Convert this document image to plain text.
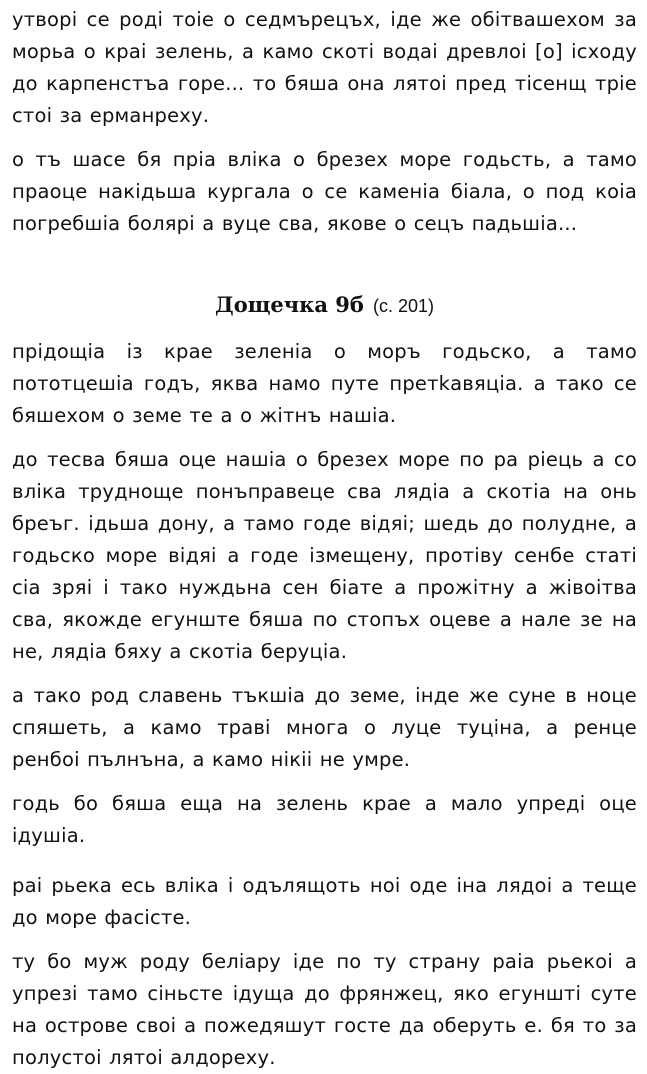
утворі се роді тоіе о седмърецъх, іде же обітвашехом за морьа о краі зелень, а камо скоті водаі древлоі [о] ісходу до карпенстъа горе... то бяша она лятоі пред тісенщ тріе стоі за ерманреху.

о тъ шасе бя пріа вліка о брезех море годьсть, а тамо праоце накідьша кургала о се каменіа біала, о под коіа погребшіа болярі а вуце сва, якове о сецъ падьшіа...

Дощечка 9б (с. 201)

прідощіа із крае зеленіа о моръ годьско, а тамо пототцешіа годъ, яква намо путе претkавяціа. а тако се бяшехом о земе те а о жітнъ нашіа.

до тесва бяша оце нашіа о брезех море по ра ріець а со вліка трудноще понъправеце сва лядіа а скотіа на онь бреъг. ідьша дону, а тамо годе відяі; шедь до полудне, а годьско море відяі а годе ізмещену, протіву сенбе статі сіа зряі і тако нуждьна сен біате а прожітну а жівоітва сва, якожде егунште бяша по стопъх оцеве а нале зе на не, лядіа бяху а скотіа беруціа.

а тако род славень тъкшіа до земе, інде же суне в ноце спяшеть, а камо траві многа о луце туціна, а ренце ренбоі пълнъна, а камо нікіі не умре.

годь бо бяша еща на зелень крае а мало упреді оце ідушіа.

раі рьека есь вліка і одълящоть ноі оде іна лядоі а теще до море фасісте.

ту бо муж роду беліару іде по ту страну раіа рьекоі а упрезі тамо сіньсте ідуща до фрянжец, яко егуншті суте на острове своі а пожедяшут госте да оберуть е. бя то за полустоі лятоі алдореху.
